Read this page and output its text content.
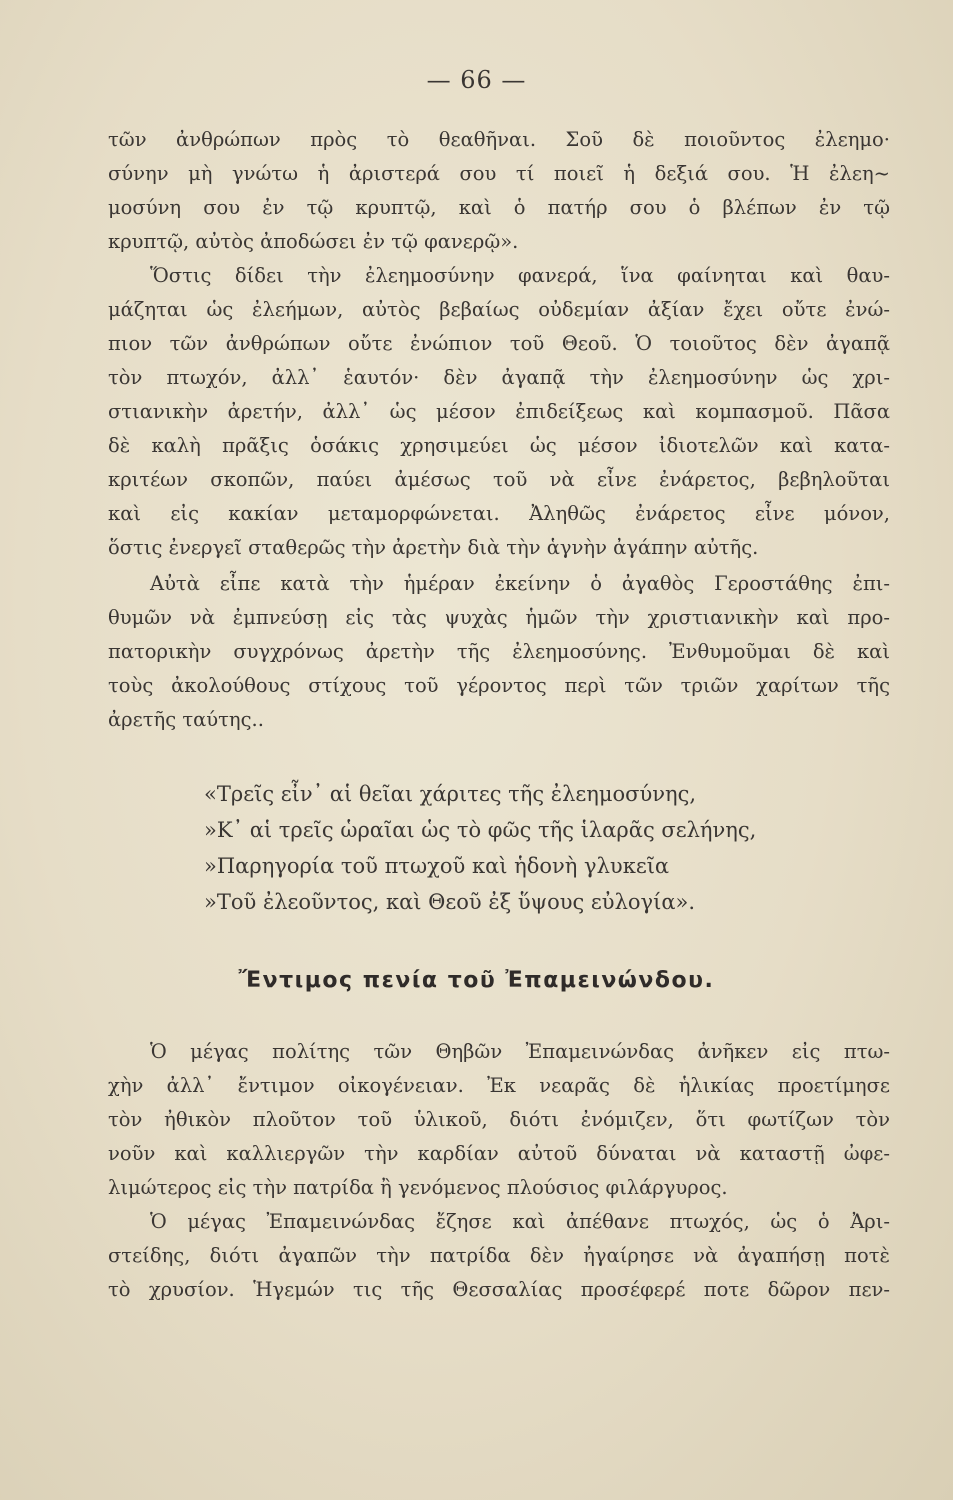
— 66 —
τῶν ἀνθρώπων πρὸς τὸ θεαθῆναι. Σοῦ δὲ ποιοῦντος ἐλεημο·
σύνην μὴ γνώτω ἡ ἀριστερά σου τί ποιεῖ ἡ δεξιά σου. Ἡ ἐλεη~
μοσύνη σου ἐν τῷ κρυπτῷ, καὶ ὁ πατήρ σου ὁ βλέπων ἐν τῷ
κρυπτῷ, αὐτὸς ἀποδώσει ἐν τῷ φανερῷ».
Ὅστις δίδει τὴν ἐλεημοσύνην φανερά, ἵνα φαίνηται καὶ θαυ-
μάζηται ὡς ἐλεήμων, αὐτὸς βεβαίως οὐδεμίαν ἀξίαν ἔχει οὔτε ἐνώ-
πιον τῶν ἀνθρώπων οὔτε ἐνώπιον τοῦ Θεοῦ. Ὁ τοιοῦτος δὲν ἀγαπᾷ
τὸν πτωχόν, ἀλλ᾽ ἑαυτόν· δὲν ἀγαπᾷ τὴν ἐλεημοσύνην ὡς χρι-
στιανικὴν ἀρετήν, ἀλλ᾽ ὡς μέσον ἐπιδείξεως καὶ κομπασμοῦ. Πᾶσα
δὲ καλὴ πρᾶξις ὁσάκις χρησιμεύει ὡς μέσον ἰδιοτελῶν καὶ κατα-
κριτέων σκοπῶν, παύει ἀμέσως τοῦ νὰ εἶνε ἐνάρετος, βεβηλοῦται
καὶ εἰς κακίαν μεταμορφώνεται. Ἀληθῶς ἐνάρετος εἶνε μόνον,
ὅστις ἐνεργεῖ σταθερῶς τὴν ἀρετὴν διὰ τὴν ἁγνὴν ἀγάπην αὐτῆς.
Αὐτὰ εἶπε κατὰ τὴν ἡμέραν ἐκείνην ὁ ἀγαθὸς Γεροστάθης ἐπι-
θυμῶν νὰ ἐμπνεύσῃ εἰς τὰς ψυχὰς ἡμῶν τὴν χριστιανικὴν καὶ προ-
πατορικὴν συγχρόνως ἀρετὴν τῆς ἐλεημοσύνης. Ἐνθυμοῦμαι δὲ καὶ
τοὺς ἀκολούθους στίχους τοῦ γέροντος περὶ τῶν τριῶν χαρίτων τῆς
ἀρετῆς ταύτης..
«Τρεῖς εἶν᾽ αἱ θεῖαι χάριτες τῆς ἐλεημοσύνης,
»Κ᾽ αἱ τρεῖς ὡραῖαι ὡς τὸ φῶς τῆς ἱλαρᾶς σελήνης,
»Παρηγορία τοῦ πτωχοῦ καὶ ἡδονὴ γλυκεῖα
»Τοῦ ἐλεοῦντος, καὶ Θεοῦ ἐξ ὕψους εὐλογία».
Ἔντιμος πενία τοῦ Ἐπαμεινώνδου.
Ὁ μέγας πολίτης τῶν Θηβῶν Ἐπαμεινώνδας ἀνῆκεν εἰς πτω-
χὴν ἀλλ᾽ ἔντιμον οἰκογένειαν. Ἐκ νεαρᾶς δὲ ἡλικίας προετίμησε
τὸν ἠθικὸν πλοῦτον τοῦ ὑλικοῦ, διότι ἐνόμιζεν, ὅτι φωτίζων τὸν
νοῦν καὶ καλλιεργῶν τὴν καρδίαν αὐτοῦ δύναται νὰ καταστῇ ὠφε-
λιμώτερος εἰς τὴν πατρίδα ἢ γενόμενος πλούσιος φιλάργυρος.
Ὁ μέγας Ἐπαμεινώνδας ἔζησε καὶ ἀπέθανε πτωχός, ὡς ὁ Ἀρι-
στείδης, διότι ἀγαπῶν τὴν πατρίδα δὲν ἠγαίρησε νὰ ἀγαπήσῃ ποτὲ
τὸ χρυσίον. Ἡγεμών τις τῆς Θεσσαλίας προσέφερέ ποτε δῶρον πεν-
